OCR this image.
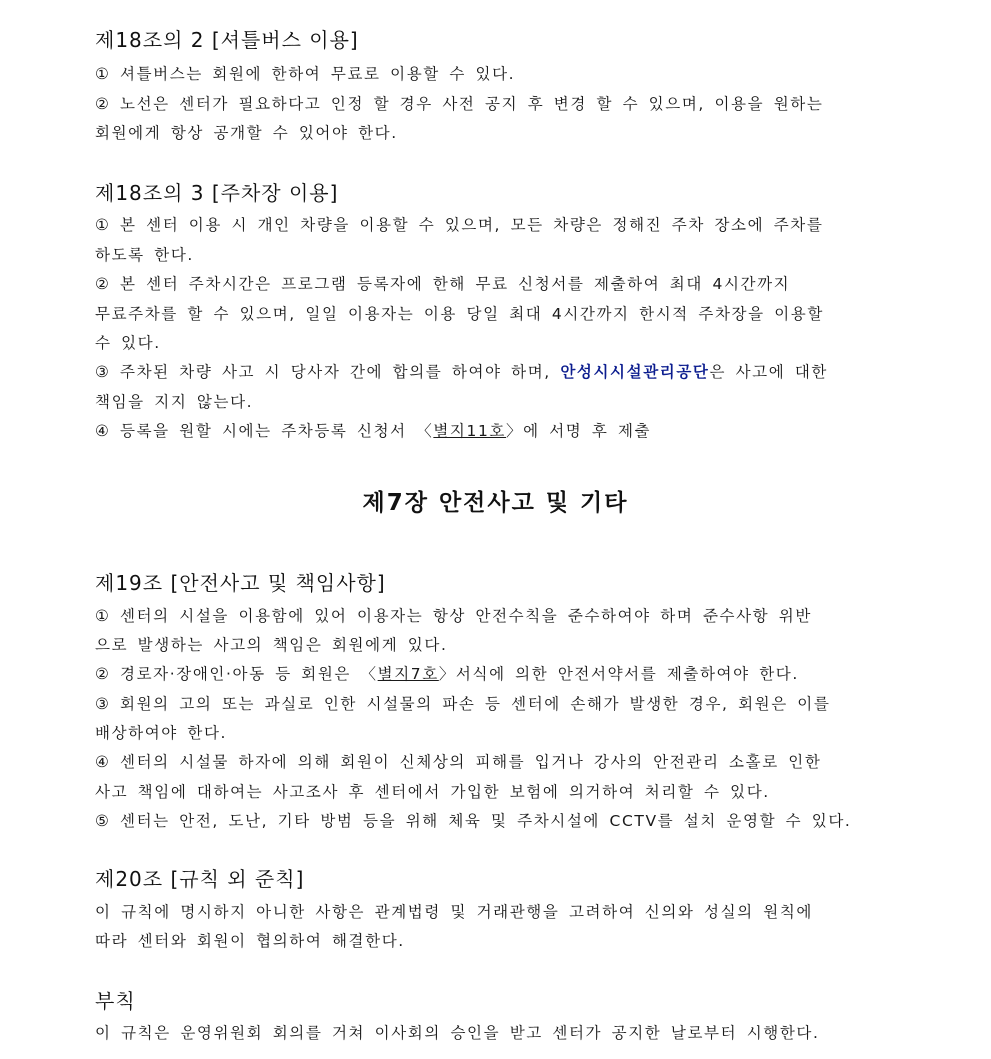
제18조의 2 [셔틀버스 이용]
① 셔틀버스는 회원에 한하여 무료로 이용할 수 있다.
② 노선은 센터가 필요하다고 인정 할 경우 사전 공지 후 변경 할 수 있으며, 이용을 원하는
회원에게 항상 공개할 수 있어야 한다.
제18조의 3 [주차장 이용]
① 본 센터 이용 시 개인 차량을 이용할 수 있으며, 모든 차량은 정해진 주차 장소에 주차를
하도록 한다.
② 본 센터 주차시간은 프로그램 등록자에 한해 무료 신청서를 제출하여 최대 4시간까지
무료주차를 할 수 있으며, 일일 이용자는 이용 당일 최대 4시간까지 한시적 주차장을 이용할
수 있다.
③ 주차된 차량 사고 시 당사자 간에 합의를 하여야 하며, 안성시시설관리공단은 사고에 대한
책임을 지지 않는다.
④ 등록을 원할 시에는 주차등록 신청서 〈별지11호〉에 서명 후 제출
제7장 안전사고 및 기타
제19조 [안전사고 및 책임사항]
① 센터의 시설을 이용함에 있어 이용자는 항상 안전수칙을 준수하여야 하며 준수사항 위반
으로 발생하는 사고의 책임은 회원에게 있다.
② 경로자·장애인·아동 등 회원은 〈별지7호〉서식에 의한 안전서약서를 제출하여야 한다.
③ 회원의 고의 또는 과실로 인한 시설물의 파손 등 센터에 손해가 발생한 경우, 회원은 이를
배상하여야 한다.
④ 센터의 시설물 하자에 의해 회원이 신체상의 피해를 입거나 강사의 안전관리 소홀로 인한
사고 책임에 대하여는 사고조사 후 센터에서 가입한 보험에 의거하여 처리할 수 있다.
⑤ 센터는 안전, 도난, 기타 방범 등을 위해 체육 및 주차시설에 CCTV를 설치 운영할 수 있다.
제20조 [규칙 외 준칙]
이 규칙에 명시하지 아니한 사항은 관계법령 및 거래관행을 고려하여 신의와 성실의 원칙에
따라 센터와 회원이 협의하여 해결한다.
부칙
이 규칙은 운영위원회 회의를 거쳐 이사회의 승인을 받고 센터가 공지한 날로부터 시행한다.
